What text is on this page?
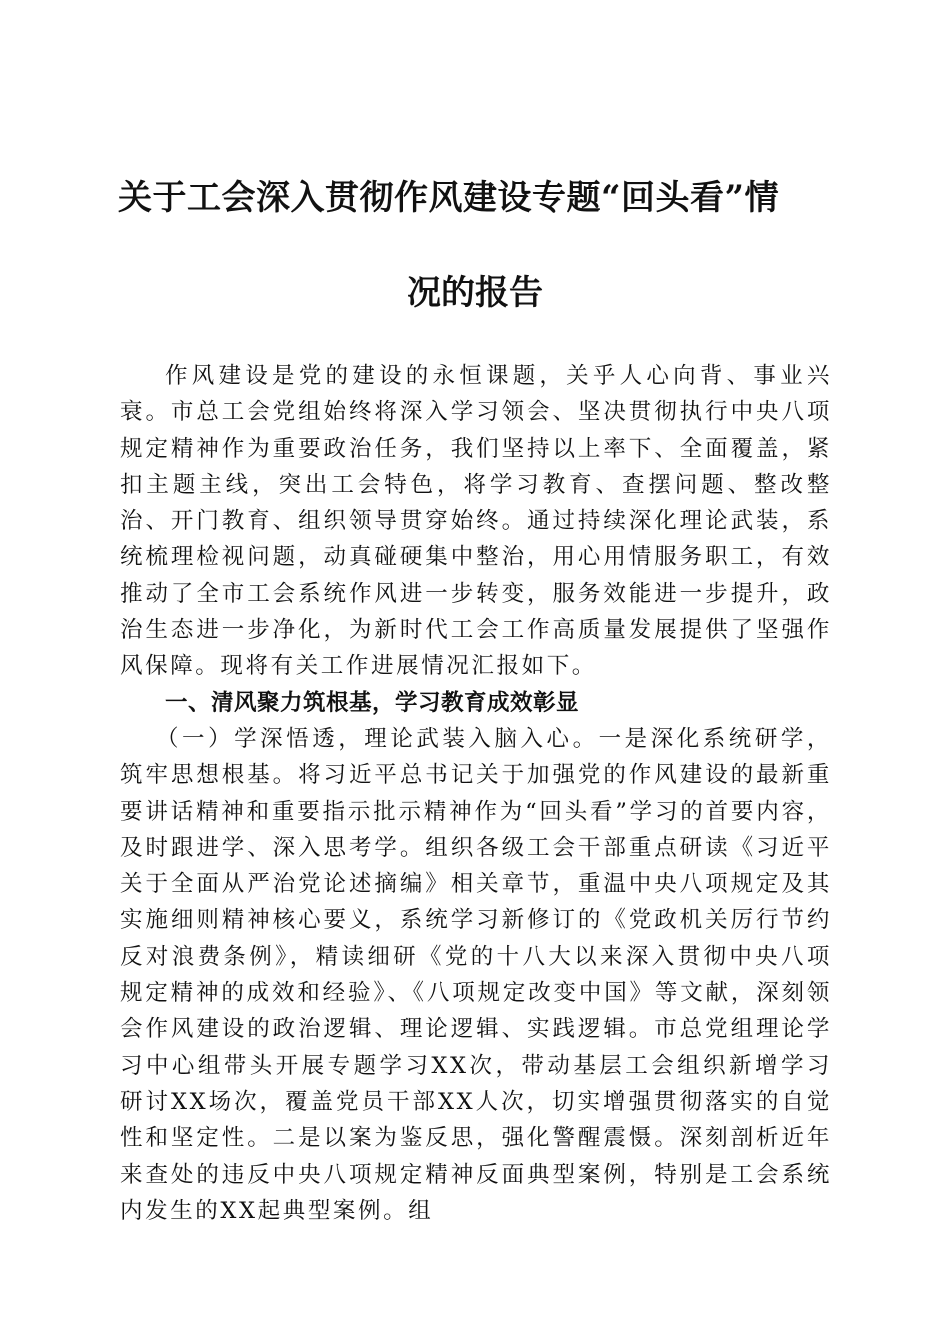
关于工会深入贯彻作风建设专题“回头看”情
况的报告

作风建设是党的建设的永恒课题，关乎人心向背、事业兴衰。市总工会党组始终将深入学习领会、坚决贯彻执行中央八项规定精神作为重要政治任务，我们坚持以上率下、全面覆盖，紧扣主题主线，突出工会特色，将学习教育、查摆问题、整改整治、开门教育、组织领导贯穿始终。通过持续深化理论武装，系统梳理检视问题，动真碰硬集中整治，用心用情服务职工，有效推动了全市工会系统作风进一步转变，服务效能进一步提升，政治生态进一步净化，为新时代工会工作高质量发展提供了坚强作风保障。现将有关工作进展情况汇报如下。

一、清风聚力筑根基，学习教育成效彰显

（一）学深悟透，理论武装入脑入心。一是深化系统研学，筑牢思想根基。将习近平总书记关于加强党的作风建设的最新重要讲话精神和重要指示批示精神作为“回头看”学习的首要内容，及时跟进学、深入思考学。组织各级工会干部重点研读《习近平关于全面从严治党论述摘编》相关章节，重温中央八项规定及其实施细则精神核心要义，系统学习新修订的《党政机关厉行节约反对浪费条例》，精读细研《党的十八大以来深入贯彻中央八项规定精神的成效和经验》、《八项规定改变中国》等文献，深刻领会作风建设的政治逻辑、理论逻辑、实践逻辑。市总党组理论学习中心组带头开展专题学习XX次，带动基层工会组织新增学习研讨XX场次，覆盖党员干部XX人次，切实增强贯彻落实的自觉性和坚定性。二是以案为鉴反思，强化警醒震慑。深刻剖析近年来查处的违反中央八项规定精神反面典型案例，特别是工会系统内发生的XX起典型案例。组
